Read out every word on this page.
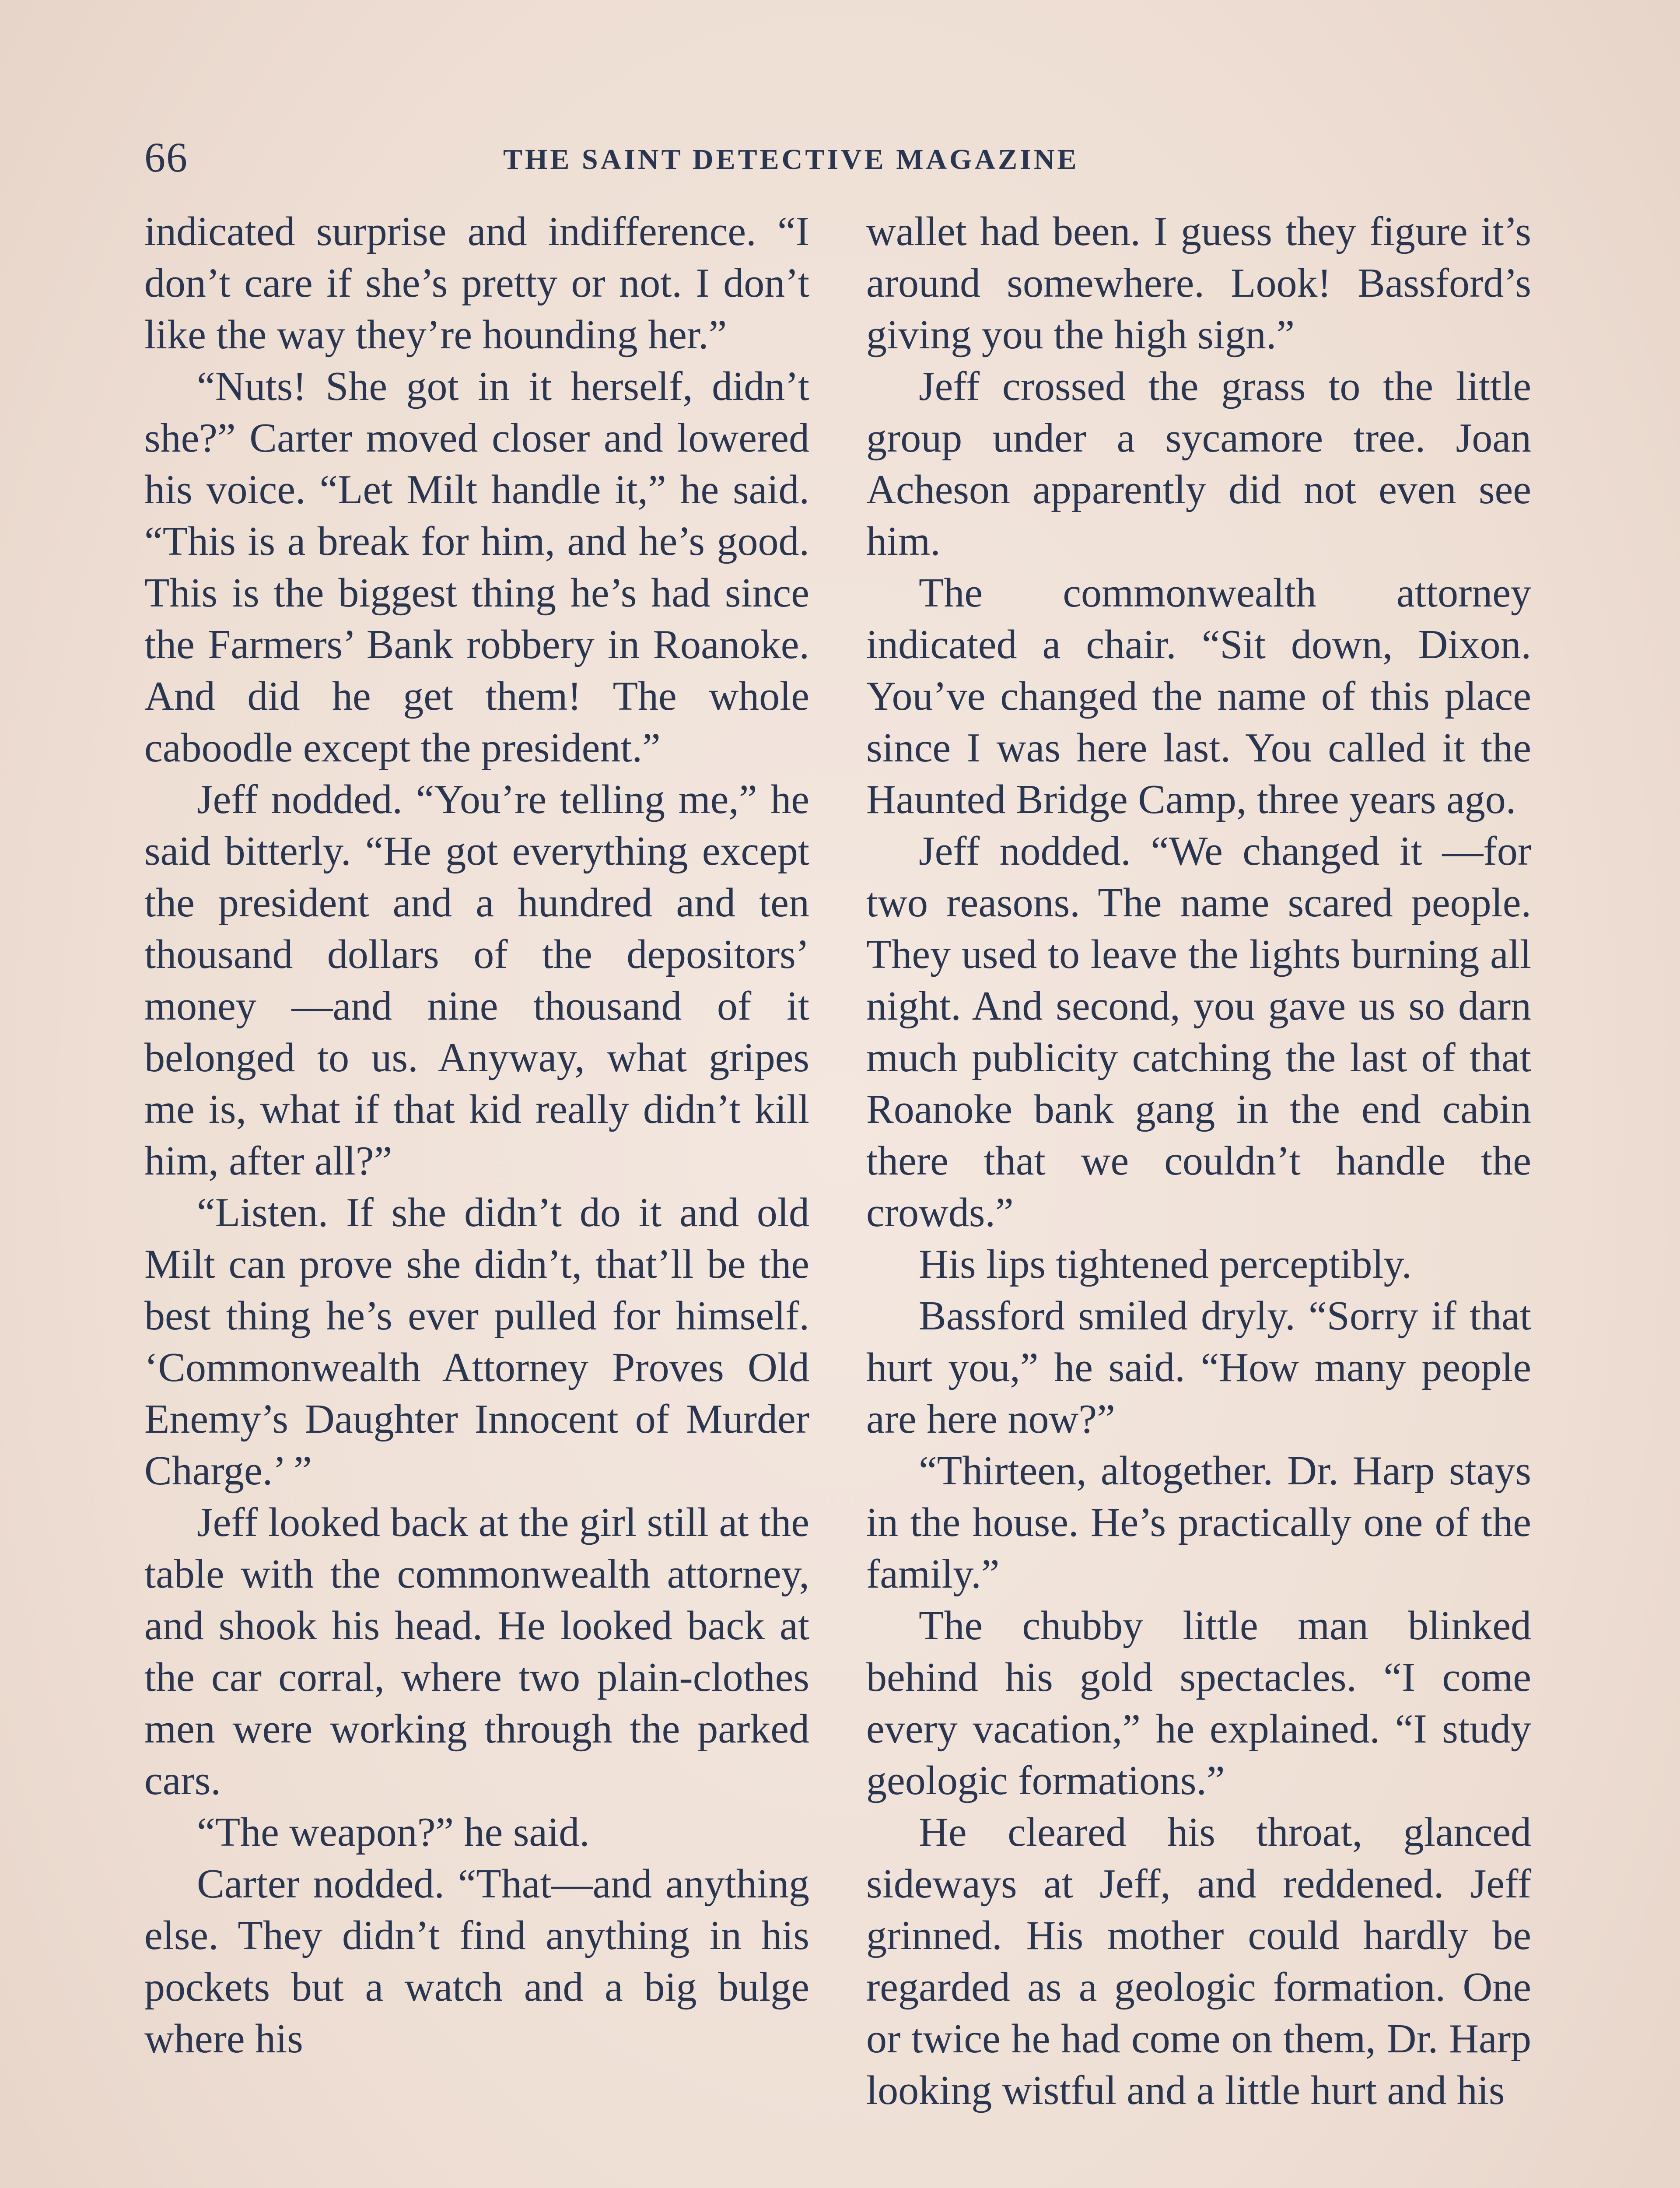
66	THE SAINT DETECTIVE MAGAZINE

indicated surprise and indifference. “I don’t care if she’s pretty or not. I don’t like the way they’re hounding her.”

“Nuts! She got in it herself, didn’t she?” Carter moved closer and lowered his voice. “Let Milt handle it,” he said. “This is a break for him, and he’s good. This is the biggest thing he’s had since the Farmers’ Bank robbery in Roanoke. And did he get them! The whole caboodle except the president.”

Jeff nodded. “You’re telling me,” he said bitterly. “He got everything except the president and a hundred and ten thousand dollars of the depositors’ money —and nine thousand of it belonged to us. Anyway, what gripes me is, what if that kid really didn’t kill him, after all?”

“Listen. If she didn’t do it and old Milt can prove she didn’t, that’ll be the best thing he’s ever pulled for himself. ‘Commonwealth Attorney Proves Old Enemy’s Daughter Innocent of Murder Charge.’ ”

Jeff looked back at the girl still at the table with the commonwealth attorney, and shook his head. He looked back at the car corral, where two plain-clothes men were working through the parked cars.

“The weapon?” he said.

Carter nodded. “That—and anything else. They didn’t find anything in his pockets but a watch and a big bulge where his

wallet had been. I guess they figure it’s around somewhere. Look! Bassford’s giving you the high sign.”

Jeff crossed the grass to the little group under a sycamore tree. Joan Acheson apparently did not even see him.

The commonwealth attorney indicated a chair. “Sit down, Dixon. You’ve changed the name of this place since I was here last. You called it the Haunted Bridge Camp, three years ago.

Jeff nodded. “We changed it —for two reasons. The name scared people. They used to leave the lights burning all night. And second, you gave us so darn much publicity catching the last of that Roanoke bank gang in the end cabin there that we couldn’t handle the crowds.”

His lips tightened perceptibly.

Bassford smiled dryly. “Sorry if that hurt you,” he said. “How many people are here now?”

“Thirteen, altogether. Dr. Harp stays in the house. He’s practically one of the family.”

The chubby little man blinked behind his gold spectacles. “I come every vacation,” he explained. “I study geologic formations.”

He cleared his throat, glanced sideways at Jeff, and reddened. Jeff grinned. His mother could hardly be regarded as a geologic formation. One or twice he had come on them, Dr. Harp looking wistful and a little hurt and his
